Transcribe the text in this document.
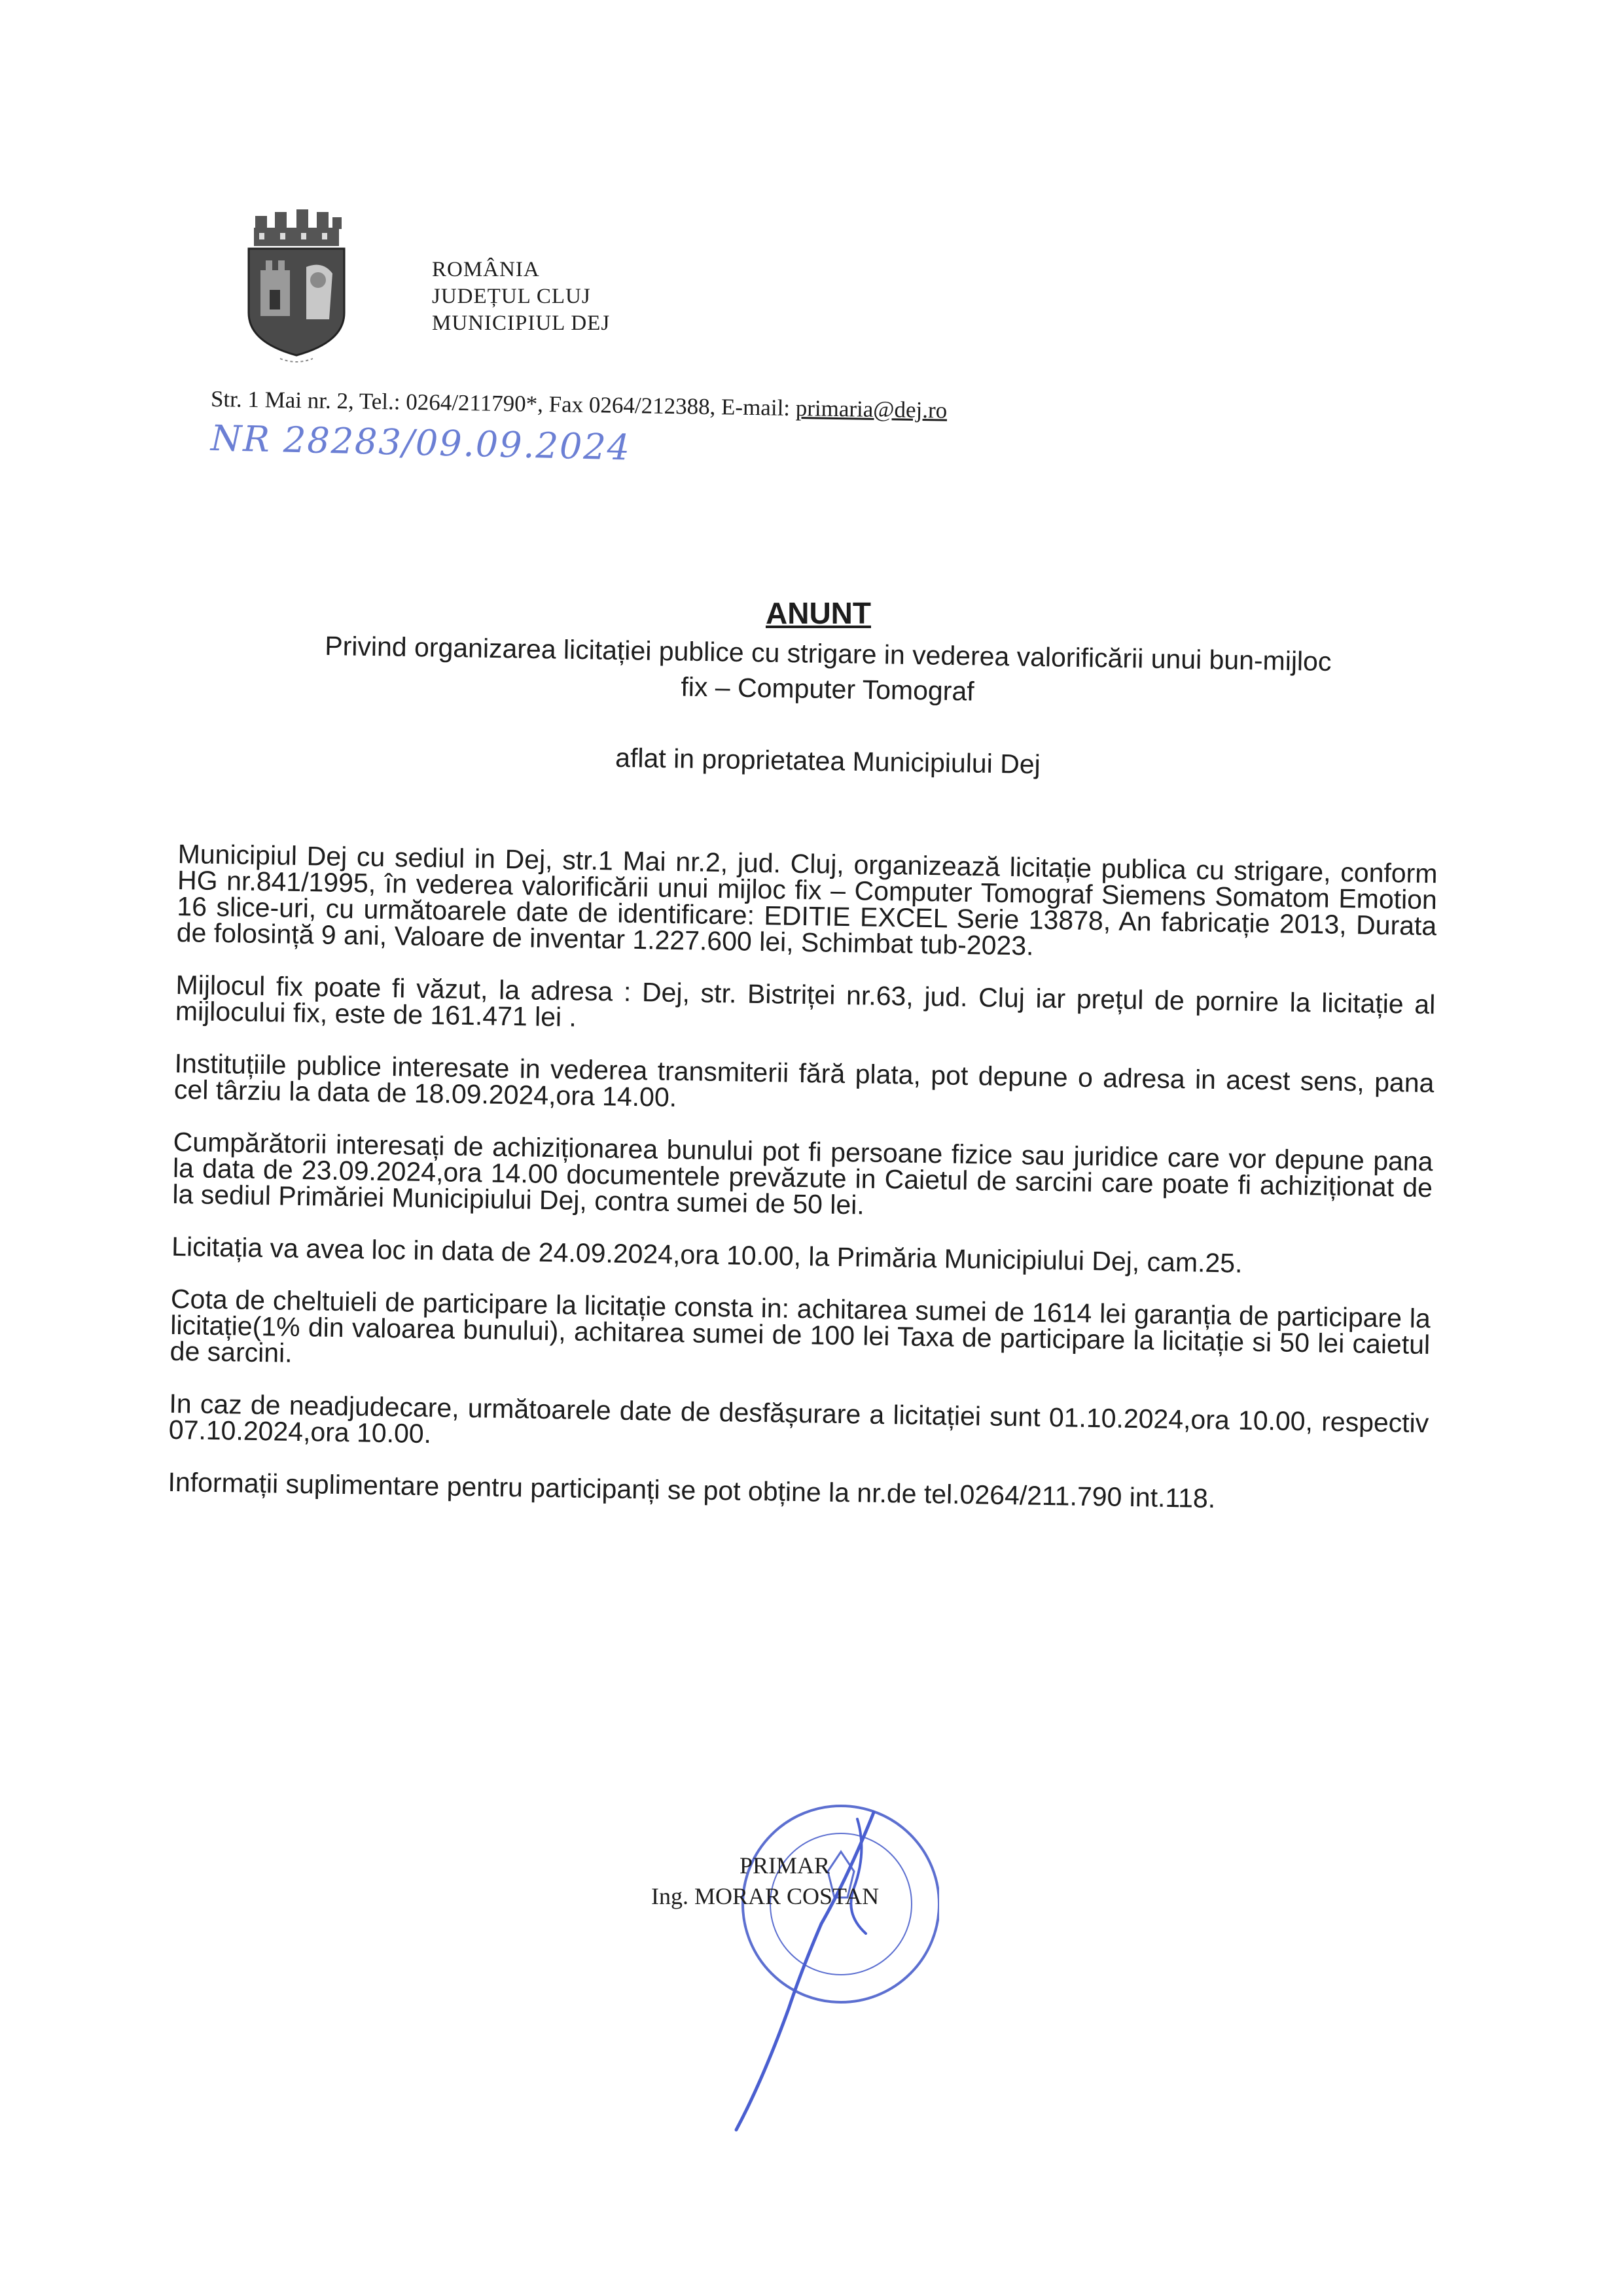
ROMÂNIA
JUDEȚUL CLUJ
MUNICIPIUL DEJ
Str. 1 Mai nr. 2, Tel.: 0264/211790*, Fax 0264/212388, E-mail: primaria@dej.ro
NR 28283/09.09.2024
ANUNT
Privind organizarea licitației publice cu strigare in vederea valorificării unui bun-mijloc
fix – Computer Tomograf
aflat in proprietatea Municipiului Dej

Municipiul Dej cu sediul in Dej, str.1 Mai nr.2, jud. Cluj, organizează licitație publica cu strigare, conform HG nr.841/1995, în vederea valorificării unui mijloc fix – Computer Tomograf Siemens Somatom Emotion 16 slice-uri, cu următoarele date de identificare: EDITIE EXCEL Serie 13878, An fabricație 2013, Durata de folosință 9 ani, Valoare de inventar 1.227.600 lei, Schimbat tub-2023.

Mijlocul fix poate fi văzut, la adresa : Dej, str. Bistriței nr.63, jud. Cluj iar prețul de pornire la licitație al mijlocului fix, este de 161.471 lei .

Instituțiile publice interesate in vederea transmiterii fără plata, pot depune o adresa in acest sens, pana cel târziu la data de 18.09.2024,ora 14.00.

Cumpărătorii interesați de achiziționarea bunului pot fi persoane fizice sau juridice care vor depune pana la data de 23.09.2024,ora 14.00 documentele prevăzute in Caietul de sarcini care poate fi achiziționat de la sediul Primăriei Municipiului Dej, contra sumei de 50 lei.

Licitația va avea loc in data de 24.09.2024,ora 10.00, la Primăria Municipiului Dej, cam.25.

Cota de cheltuieli de participare la licitație consta in: achitarea sumei de 1614 lei garanția de participare la licitație(1% din valoarea bunului), achitarea sumei de 100 lei Taxa de participare la licitație si 50 lei caietul de sarcini.

In caz de neadjudecare, următoarele date de desfășurare a licitației sunt 01.10.2024,ora 10.00, respectiv 07.10.2024,ora 10.00.

Informații suplimentare pentru participanți se pot obține la nr.de tel.0264/211.790 int.118.

PRIMAR
Ing. MORAR COSTAN
